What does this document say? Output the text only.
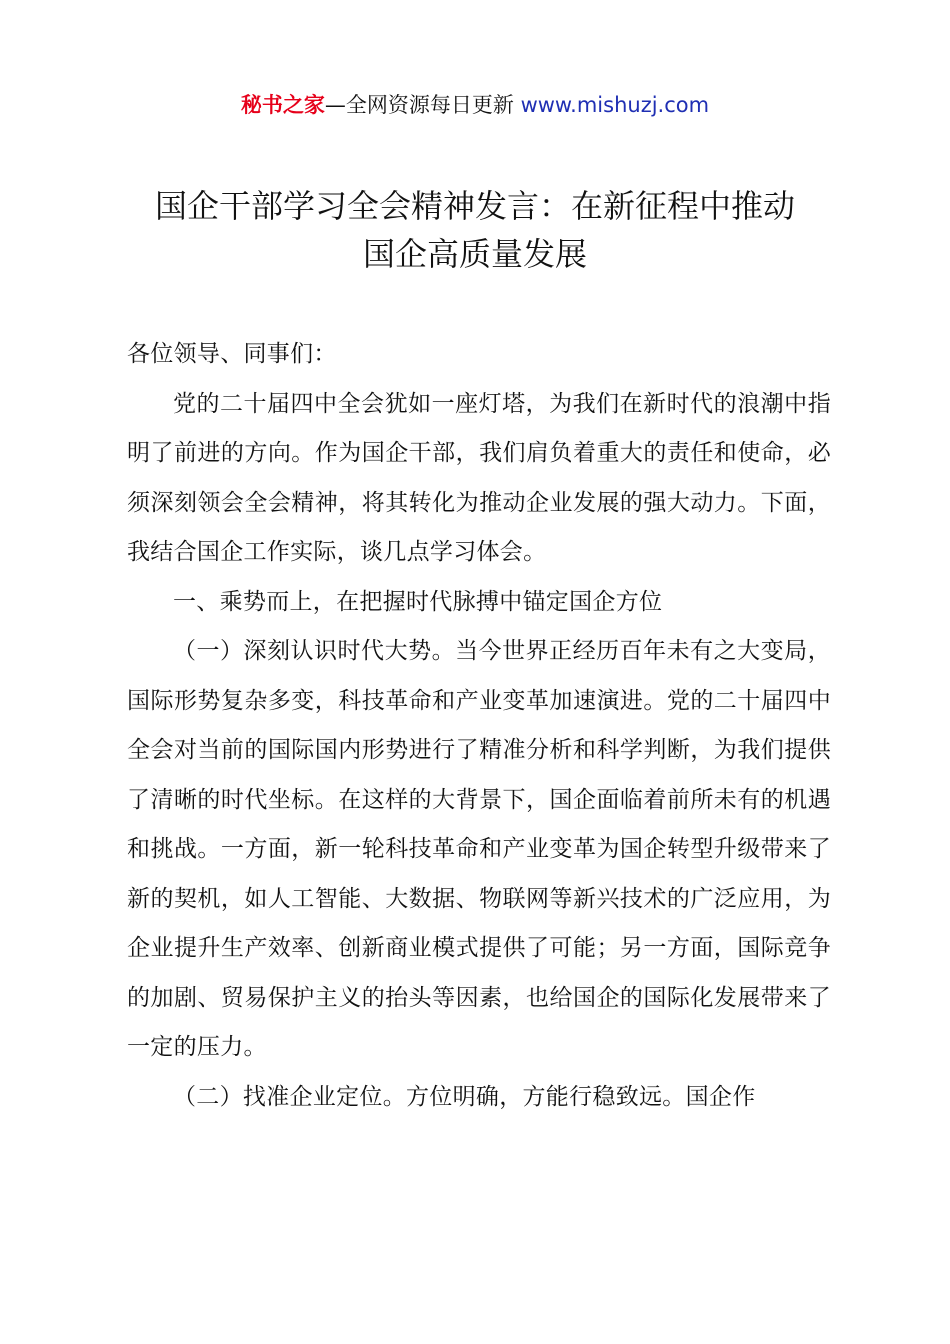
秘书之家—全网资源每日更新 www.mishuzj.com
国企干部学习全会精神发言：在新征程中推动
国企高质量发展

各位领导、同事们：

党的二十届四中全会犹如一座灯塔，为我们在新时代的浪潮中指明了前进的方向。作为国企干部，我们肩负着重大的责任和使命，必须深刻领会全会精神，将其转化为推动企业发展的强大动力。下面，我结合国企工作实际，谈几点学习体会。

一、乘势而上，在把握时代脉搏中锚定国企方位

（一）深刻认识时代大势。当今世界正经历百年未有之大变局，国际形势复杂多变，科技革命和产业变革加速演进。党的二十届四中全会对当前的国际国内形势进行了精准分析和科学判断，为我们提供了清晰的时代坐标。在这样的大背景下，国企面临着前所未有的机遇和挑战。一方面，新一轮科技革命和产业变革为国企转型升级带来了新的契机，如人工智能、大数据、物联网等新兴技术的广泛应用，为企业提升生产效率、创新商业模式提供了可能；另一方面，国际竞争的加剧、贸易保护主义的抬头等因素，也给国企的国际化发展带来了一定的压力。

（二）找准企业定位。方位明确，方能行稳致远。国企作
